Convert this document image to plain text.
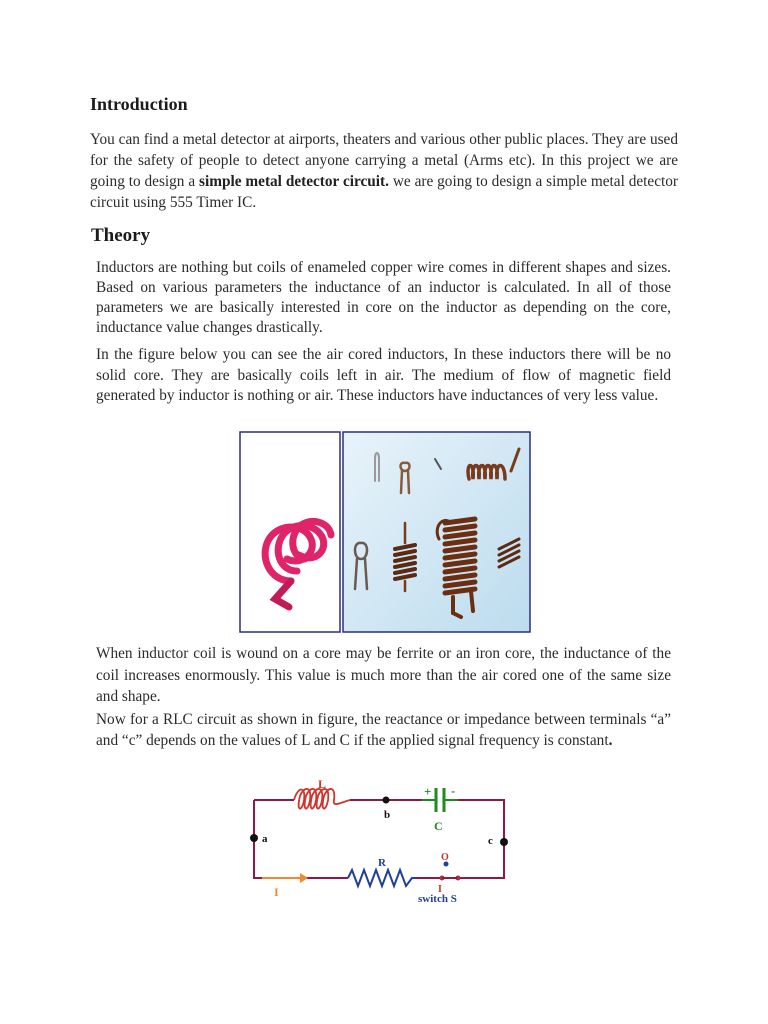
Introduction

You can find a metal detector at airports, theaters and various other public places. They are used for the safety of people to detect anyone carrying a metal (Arms etc). In this project we are going to design a simple metal detector circuit. we are going to design a simple metal detector circuit using 555 Timer IC.

Theory

Inductors are nothing but coils of enameled copper wire comes in different shapes and sizes. Based on various parameters the inductance of an inductor is calculated. In all of those parameters we are basically interested in core on the inductor as depending on the core, inductance value changes drastically.

In the figure below you can see the air cored inductors, In these inductors there will be no solid core. They are basically coils left in air. The medium of flow of magnetic field generated by inductor is nothing or air. These inductors have inductances of very less value.

When inductor coil is wound on a core may be ferrite or an iron core, the inductance of the coil increases enormously. This value is much more than the air cored one of the same size and shape.

Now for a RLC circuit as shown in figure, the reactance or impedance between terminals “a” and “c” depends on the values of L and C if the applied signal frequency is constant.

L
b
+ -
C
a	c
R	O
I
switch S
I
